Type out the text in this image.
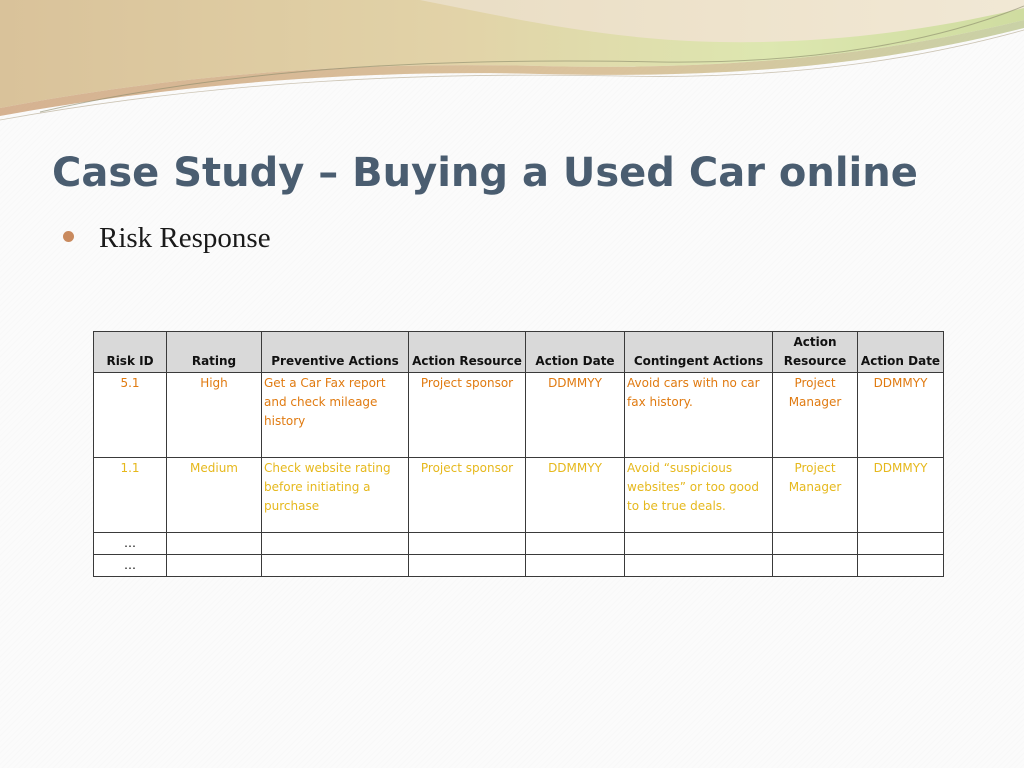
Case Study – Buying a Used Car online
Risk Response
Risk ID	Rating	Preventive Actions	Action Resource	Action Date	Contingent Actions	Action Resource	Action Date
5.1	High	Get a Car Fax report and check mileage history	Project sponsor	DDMMYY	Avoid cars with no car fax history.	Project Manager	DDMMYY
1.1	Medium	Check website rating before initiating a purchase	Project sponsor	DDMMYY	Avoid “suspicious websites” or too good to be true deals.	Project Manager	DDMMYY
…							
…							
